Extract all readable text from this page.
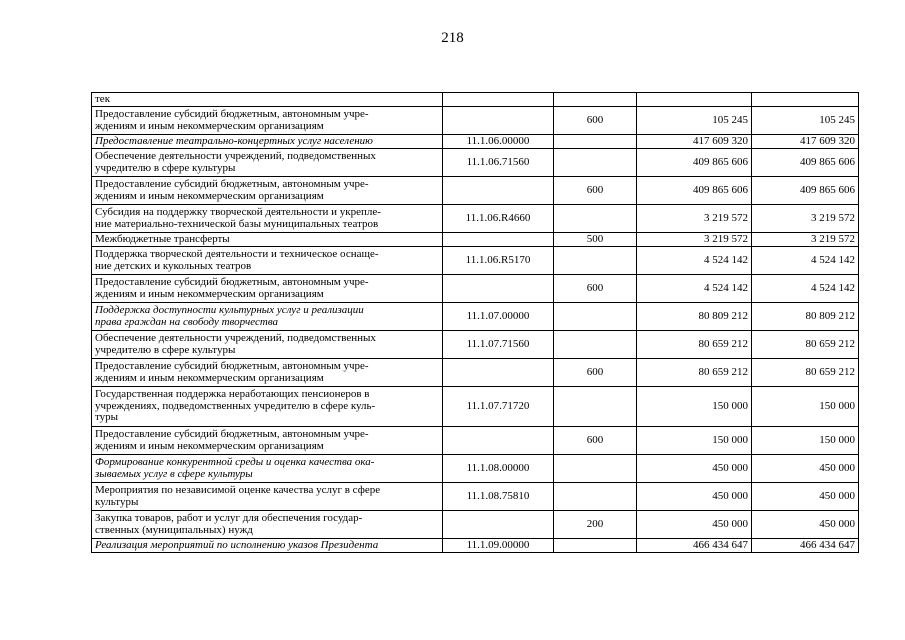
218
тек				
Предоставление субсидий бюджетным, автономным учре-
ждениям и иным некоммерческим организациям		600	105 245	105 245
Предоставление театрально-концертных услуг населению	11.1.06.00000		417 609 320	417 609 320
Обеспечение деятельности учреждений, подведомственных
учредителю в сфере культуры	11.1.06.71560		409 865 606	409 865 606
Предоставление субсидий бюджетным, автономным учре-
ждениям и иным некоммерческим организациям		600	409 865 606	409 865 606
Субсидия на поддержку творческой деятельности и укрепле-
ние материально-технической базы муниципальных театров	11.1.06.R4660		3 219 572	3 219 572
Межбюджетные трансферты		500	3 219 572	3 219 572
Поддержка творческой деятельности и техническое оснаще-
ние детских и кукольных театров	11.1.06.R5170		4 524 142	4 524 142
Предоставление субсидий бюджетным, автономным учре-
ждениям и иным некоммерческим организациям		600	4 524 142	4 524 142
Поддержка доступности культурных услуг и реализации
права граждан на свободу творчества	11.1.07.00000		80 809 212	80 809 212
Обеспечение деятельности учреждений, подведомственных
учредителю в сфере культуры	11.1.07.71560		80 659 212	80 659 212
Предоставление субсидий бюджетным, автономным учре-
ждениям и иным некоммерческим организациям		600	80 659 212	80 659 212
Государственная поддержка неработающих пенсионеров в
учреждениях, подведомственных учредителю в сфере куль-
туры	11.1.07.71720		150 000	150 000
Предоставление субсидий бюджетным, автономным учре-
ждениям и иным некоммерческим организациям		600	150 000	150 000
Формирование конкурентной среды и оценка качества ока-
зываемых услуг в сфере культуры	11.1.08.00000		450 000	450 000
Мероприятия по независимой оценке качества услуг в сфере
культуры	11.1.08.75810		450 000	450 000
Закупка товаров, работ и услуг для обеспечения государ-
ственных (муниципальных) нужд		200	450 000	450 000
Реализация мероприятий по исполнению указов Президента	11.1.09.00000		466 434 647	466 434 647
